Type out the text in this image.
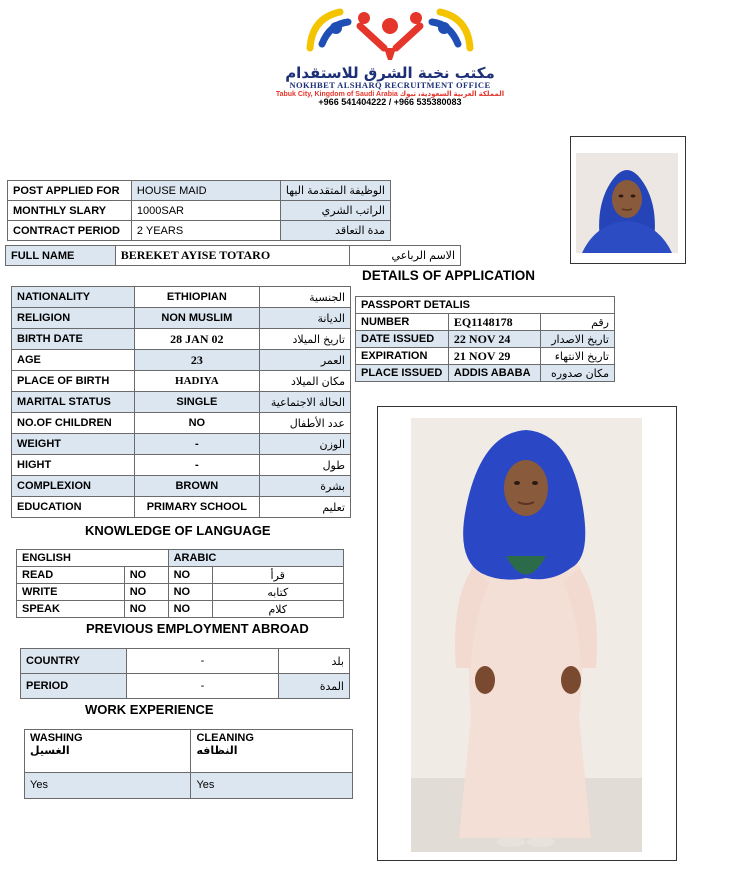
مكتب نخبة الشرق للاستقدام
NOKHBET ALSHARQ RECRUITMENT OFFICE
Tabuk City, Kingdom of Saudi Arabia المملكة العربية السعودية، تبوك
+966 541404222 / +966 535380083
POST APPLIED FOR	HOUSE MAID	الوظيفة المتقدمة اليها
MONTHLY SLARY	1000SAR	الراتب الشري
CONTRACT PERIOD	2 YEARS	مدة التعاقد
FULL NAME	BEREKET AYISE TOTARO	الاسم الرباعي
DETAILS OF APPLICATION
NATIONALITY	ETHIOPIAN	الجنسية
RELIGION	NON MUSLIM	الديانة
BIRTH DATE	28 JAN 02	تاريخ الميلاد
AGE	23	العمر
PLACE OF BIRTH	HADIYA	مكان الميلاد
MARITAL STATUS	SINGLE	الحالة الاجتماعية
NO.OF CHILDREN	NO	عدد الأطفال
WEIGHT	-	الوزن
HIGHT	-	طول
COMPLEXION	BROWN	بشرة
EDUCATION	PRIMARY SCHOOL	تعليم
PASSPORT DETALIS		
NUMBER	EQ1148178	رقم
DATE ISSUED	22 NOV 24	تاريخ الاصدار
EXPIRATION	21 NOV 29	تاريخ الانتهاء
PLACE ISSUED	ADDIS ABABA	مكان صدوره
KNOWLEDGE OF LANGUAGE
ENGLISH		ARABIC	
READ	NO	NO	قرأ
WRITE	NO	NO	كتابه
SPEAK	NO	NO	كلام
PREVIOUS EMPLOYMENT ABROAD
COUNTRY	-	بلد
PERIOD	-	المدة
WORK EXPERIENCE
WASHING	CLEANING
الغسيل	النظافه
Yes	Yes
